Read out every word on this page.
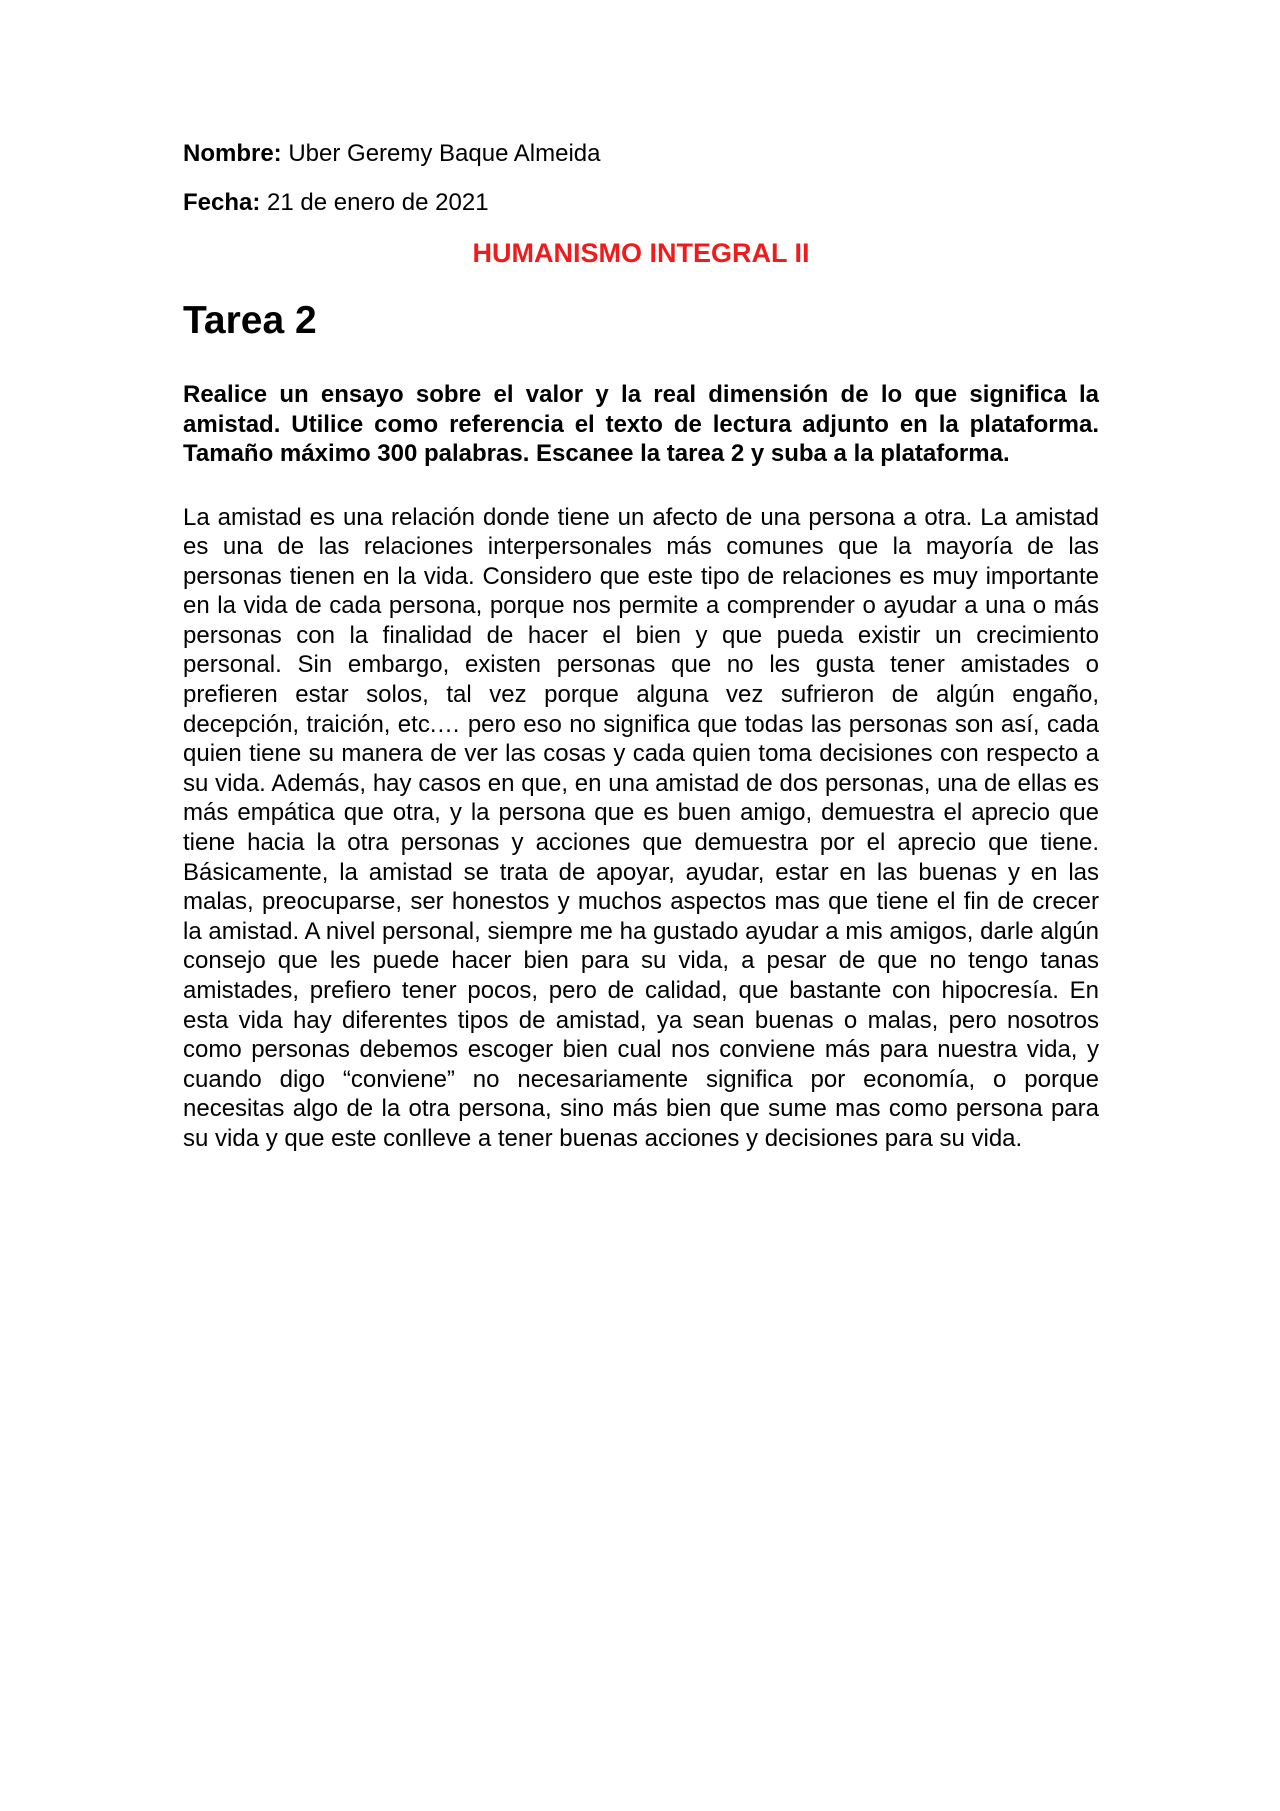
Nombre: Uber Geremy Baque Almeida

Fecha: 21 de enero de 2021

HUMANISMO INTEGRAL II
Tarea 2

Realice un ensayo sobre el valor y la real dimensión de lo que significa la amistad. Utilice como referencia el texto de lectura adjunto en la plataforma. Tamaño máximo 300 palabras. Escanee la tarea 2 y suba a la plataforma.

La amistad es una relación donde tiene un afecto de una persona a otra. La amistad es una de las relaciones interpersonales más comunes que la mayoría de las personas tienen en la vida. Considero que este tipo de relaciones es muy importante en la vida de cada persona, porque nos permite a comprender o ayudar a una o más personas con la finalidad de hacer el bien y que pueda existir un crecimiento personal. Sin embargo, existen personas que no les gusta tener amistades o prefieren estar solos, tal vez porque alguna vez sufrieron de algún engaño, decepción, traición, etc.… pero eso no significa que todas las personas son así, cada quien tiene su manera de ver las cosas y cada quien toma decisiones con respecto a su vida. Además, hay casos en que, en una amistad de dos personas, una de ellas es más empática que otra, y la persona que es buen amigo, demuestra el aprecio que tiene hacia la otra personas y acciones que demuestra por el aprecio que tiene. Básicamente, la amistad se trata de apoyar, ayudar, estar en las buenas y en las malas, preocuparse, ser honestos y muchos aspectos mas que tiene el fin de crecer la amistad. A nivel personal, siempre me ha gustado ayudar a mis amigos, darle algún consejo que les puede hacer bien para su vida, a pesar de que no tengo tanas amistades, prefiero tener pocos, pero de calidad, que bastante con hipocresía. En esta vida hay diferentes tipos de amistad, ya sean buenas o malas, pero nosotros como personas debemos escoger bien cual nos conviene más para nuestra vida, y cuando digo “conviene” no necesariamente significa por economía, o porque necesitas algo de la otra persona, sino más bien que sume mas como persona para su vida y que este conlleve a tener buenas acciones y decisiones para su vida.
